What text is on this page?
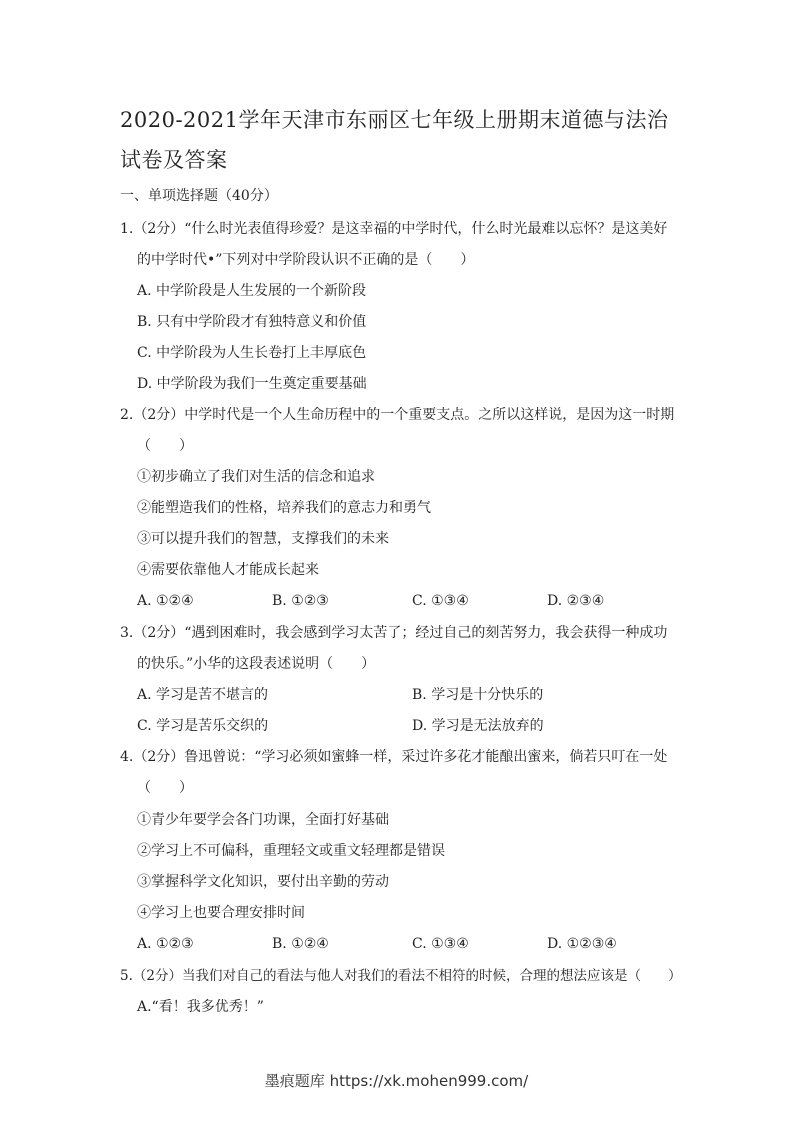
2020-2021学年天津市东丽区七年级上册期末道德与法治试卷及答案
一、单项选择题（40分）
1.（2分）“什么时光表值得珍爱？是这幸福的中学时代，什么时光最难以忘怀？是这美好
的中学时代•”下列对中学阶段认识不正确的是（　　）
A. 中学阶段是人生发展的一个新阶段
B. 只有中学阶段才有独特意义和价值
C. 中学阶段为人生长卷打上丰厚底色
D. 中学阶段为我们一生奠定重要基础
2.（2分）中学时代是一个人生命历程中的一个重要支点。之所以这样说，是因为这一时期
（　　）
①初步确立了我们对生活的信念和追求
②能塑造我们的性格，培养我们的意志力和勇气
③可以提升我们的智慧，支撑我们的未来
④需要依靠他人才能成长起来
A. ①②④	B. ①②③	C. ①③④	D. ②③④
3.（2分）“遇到困难时，我会感到学习太苦了；经过自己的刻苦努力，我会获得一种成功
的快乐。”小华的这段表述说明（　　）
A. 学习是苦不堪言的	B. 学习是十分快乐的
C. 学习是苦乐交织的	D. 学习是无法放弃的
4.（2分）鲁迅曾说：“学习必须如蜜蜂一样，采过许多花才能酿出蜜来，倘若只叮在一处
（　　）
①青少年要学会各门功课，全面打好基础
②学习上不可偏科，重理轻文或重文轻理都是错误
③掌握科学文化知识，要付出辛勤的劳动
④学习上也要合理安排时间
A. ①②③	B. ①②④	C. ①③④	D. ①②③④
5.（2分）当我们对自己的看法与他人对我们的看法不相符的时候，合理的想法应该是（　　）
A.“看！我多优秀！”
墨痕题库 https://xk.mohen999.com/
